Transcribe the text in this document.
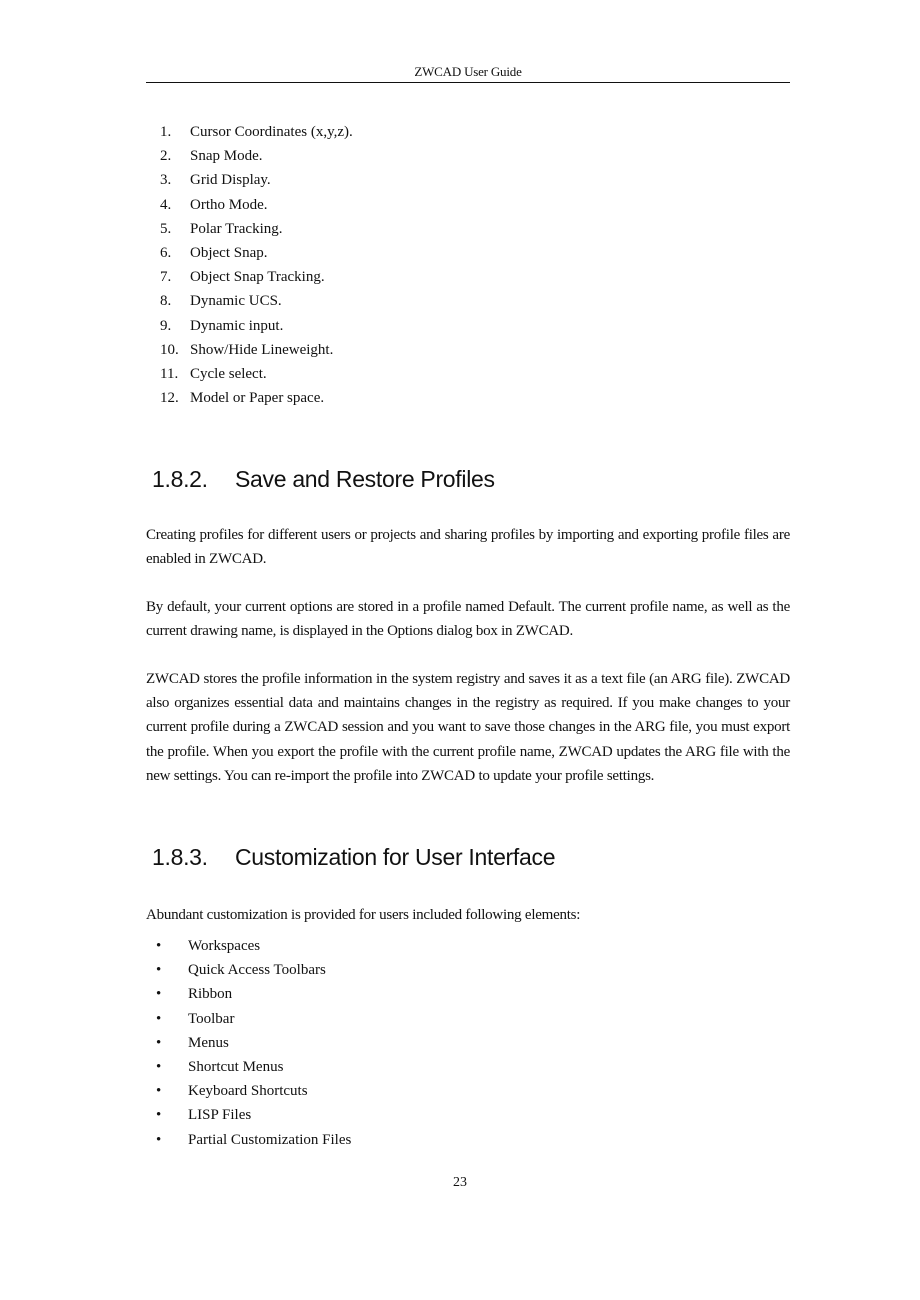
ZWCAD User Guide
1.	Cursor Coordinates (x,y,z).
2.	Snap Mode.
3.	Grid Display.
4.	Ortho Mode.
5.	Polar Tracking.
6.	Object Snap.
7.	Object Snap Tracking.
8.	Dynamic UCS.
9.	Dynamic input.
10. Show/Hide Lineweight.
11. Cycle select.
12. Model or Paper space.
1.8.2.	Save and Restore Profiles
Creating profiles for different users or projects and sharing profiles by importing and exporting profile files are enabled in ZWCAD.
By default, your current options are stored in a profile named Default. The current profile name, as well as the current drawing name, is displayed in the Options dialog box in ZWCAD.
ZWCAD stores the profile information in the system registry and saves it as a text file (an ARG file). ZWCAD also organizes essential data and maintains changes in the registry as required. If you make changes to your current profile during a ZWCAD session and you want to save those changes in the ARG file, you must export the profile. When you export the profile with the current profile name, ZWCAD updates the ARG file with the new settings. You can re-import the profile into ZWCAD to update your profile settings.
1.8.3.	Customization for User Interface
Abundant customization is provided for users included following elements:
•	Workspaces
•	Quick Access Toolbars
•	Ribbon
•	Toolbar
•	Menus
•	Shortcut Menus
•	Keyboard Shortcuts
•	LISP Files
•	Partial Customization Files
23
